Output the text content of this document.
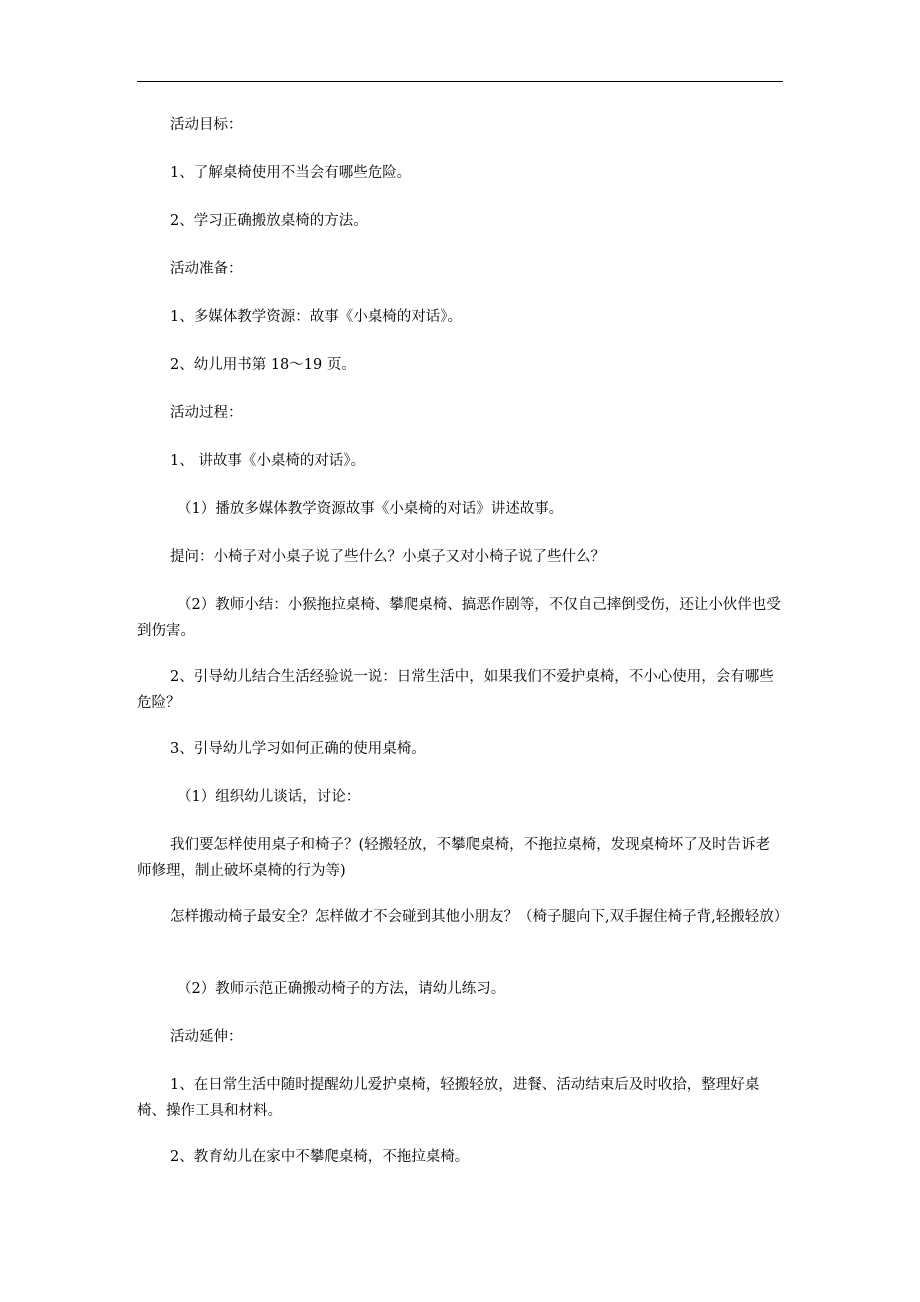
活动目标：
1、了解桌椅使用不当会有哪些危险。
2、学习正确搬放桌椅的方法。
活动准备：
1、多媒体教学资源：故事《小桌椅的对话》。
2、幼儿用书第 18～19 页。
活动过程：
1、 讲故事《小桌椅的对话》。
（1）播放多媒体教学资源故事《小桌椅的对话》讲述故事。
提问：小椅子对小桌子说了些什么？小桌子又对小椅子说了些什么？
（2）教师小结：小猴拖拉桌椅、攀爬桌椅、搞恶作剧等，不仅自己摔倒受伤，还让小伙伴也受到伤害。
2、引导幼儿结合生活经验说一说：日常生活中，如果我们不爱护桌椅，不小心使用，会有哪些危险？
3、引导幼儿学习如何正确的使用桌椅。
（1）组织幼儿谈话，讨论：
我们要怎样使用桌子和椅子？(轻搬轻放，不攀爬桌椅，不拖拉桌椅，发现桌椅坏了及时告诉老师修理，制止破坏桌椅的行为等)
怎样搬动椅子最安全？怎样做才不会碰到其他小朋友？（椅子腿向下,双手握住椅子背,轻搬轻放）
（2）教师示范正确搬动椅子的方法，请幼儿练习。
活动延伸：
1、在日常生活中随时提醒幼儿爱护桌椅，轻搬轻放，进餐、活动结束后及时收拾，整理好桌椅、操作工具和材料。
2、教育幼儿在家中不攀爬桌椅，不拖拉桌椅。
